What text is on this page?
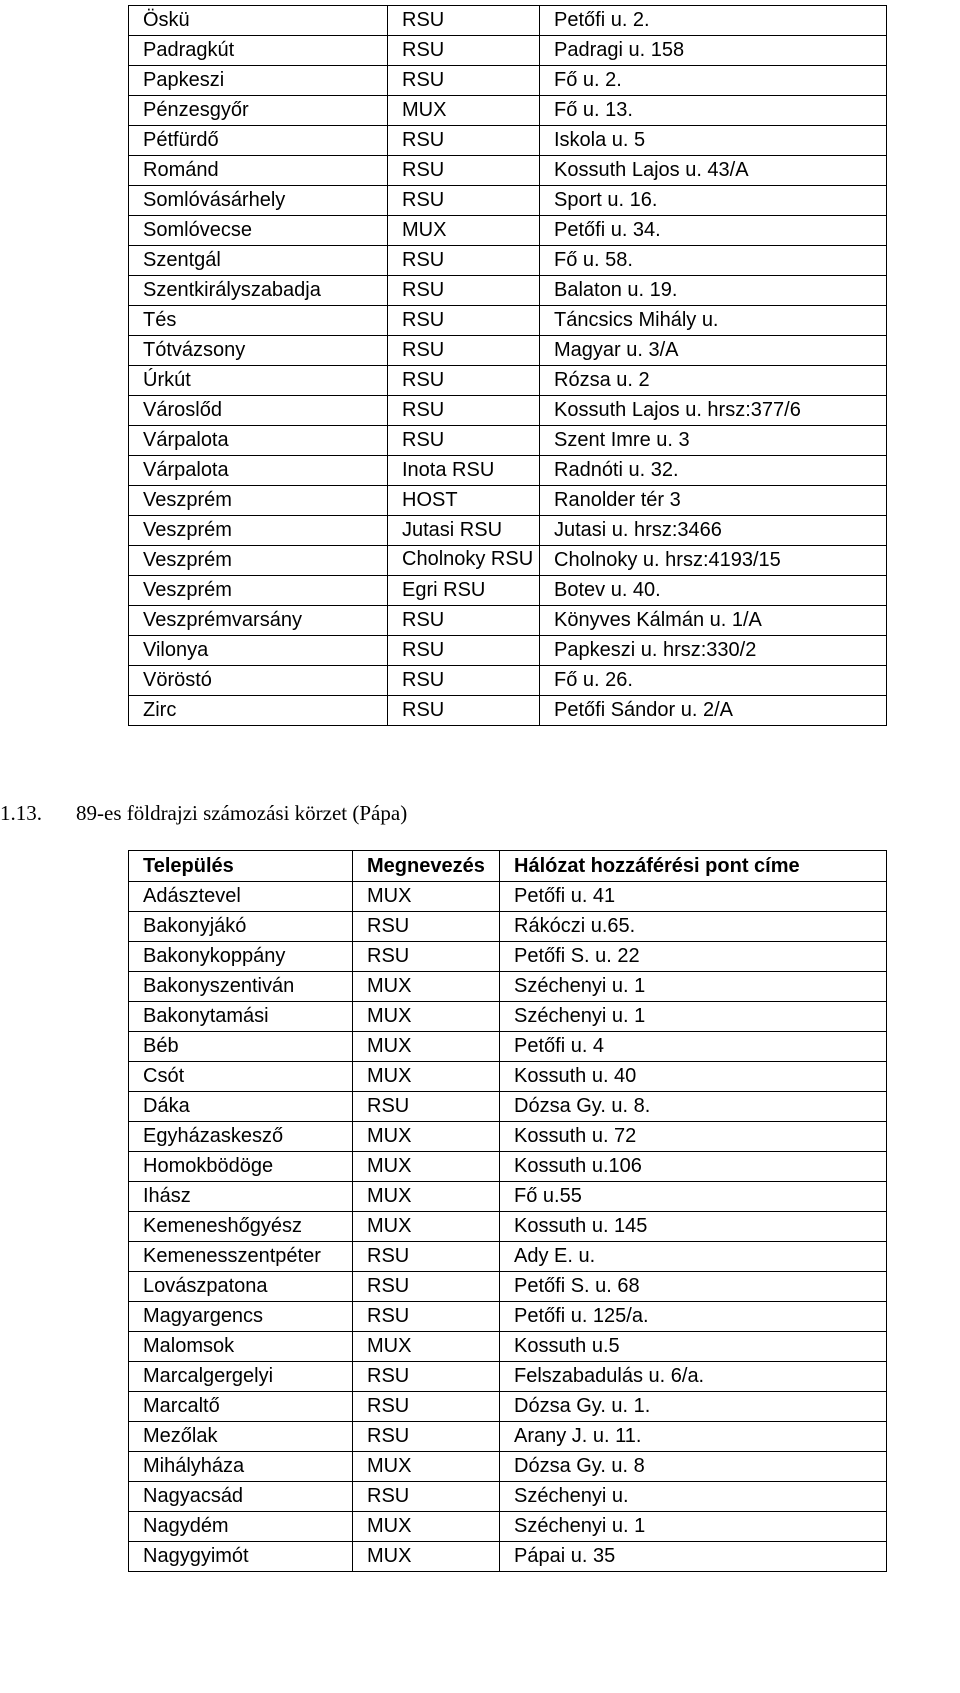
Öskü	RSU	Petőfi u. 2.
Padragkút	RSU	Padragi u. 158
Papkeszi	RSU	Fő u. 2.
Pénzesgyőr	MUX	Fő u. 13.
Pétfürdő	RSU	Iskola u. 5
Románd	RSU	Kossuth Lajos u. 43/A
Somlóvásárhely	RSU	Sport u. 16.
Somlóvecse	MUX	Petőfi u. 34.
Szentgál	RSU	Fő u. 58.
Szentkirályszabadja	RSU	Balaton u. 19.
Tés	RSU	Táncsics Mihály u.
Tótvázsony	RSU	Magyar u. 3/A
Úrkút	RSU	Rózsa u. 2
Városlőd	RSU	Kossuth Lajos u. hrsz:377/6
Várpalota	RSU	Szent Imre u. 3
Várpalota	Inota RSU	Radnóti u. 32.
Veszprém	HOST	Ranolder tér 3
Veszprém	Jutasi RSU	Jutasi u. hrsz:3466
Veszprém	Cholnoky RSU	Cholnoky u. hrsz:4193/15
Veszprém	Egri RSU	Botev u. 40.
Veszprémvarsány	RSU	Könyves Kálmán u. 1/A
Vilonya	RSU	Papkeszi u. hrsz:330/2
Vöröstó	RSU	Fő u. 26.
Zirc	RSU	Petőfi Sándor u. 2/A
1.13. 89-es földrajzi számozási körzet (Pápa)
Település	Megnevezés	Hálózat hozzáférési pont címe
Adásztevel	MUX	Petőfi u. 41
Bakonyjákó	RSU	Rákóczi u.65.
Bakonykoppány	RSU	Petőfi S. u. 22
Bakonyszentiván	MUX	Széchenyi u. 1
Bakonytamási	MUX	Széchenyi u. 1
Béb	MUX	Petőfi u. 4
Csót	MUX	Kossuth u. 40
Dáka	RSU	Dózsa Gy. u. 8.
Egyházaskesző	MUX	Kossuth u. 72
Homokbödöge	MUX	Kossuth u.106
Ihász	MUX	Fő u.55
Kemeneshőgyész	MUX	Kossuth u. 145
Kemenesszentpéter	RSU	Ady E. u.
Lovászpatona	RSU	Petőfi S. u. 68
Magyargencs	RSU	Petőfi u. 125/a.
Malomsok	MUX	Kossuth u.5
Marcalgergelyi	RSU	Felszabadulás u. 6/a.
Marcaltő	RSU	Dózsa Gy. u. 1.
Mezőlak	RSU	Arany J. u. 11.
Mihályháza	MUX	Dózsa Gy. u. 8
Nagyacsád	RSU	Széchenyi u.
Nagydém	MUX	Széchenyi u. 1
Nagygyimót	MUX	Pápai u. 35
